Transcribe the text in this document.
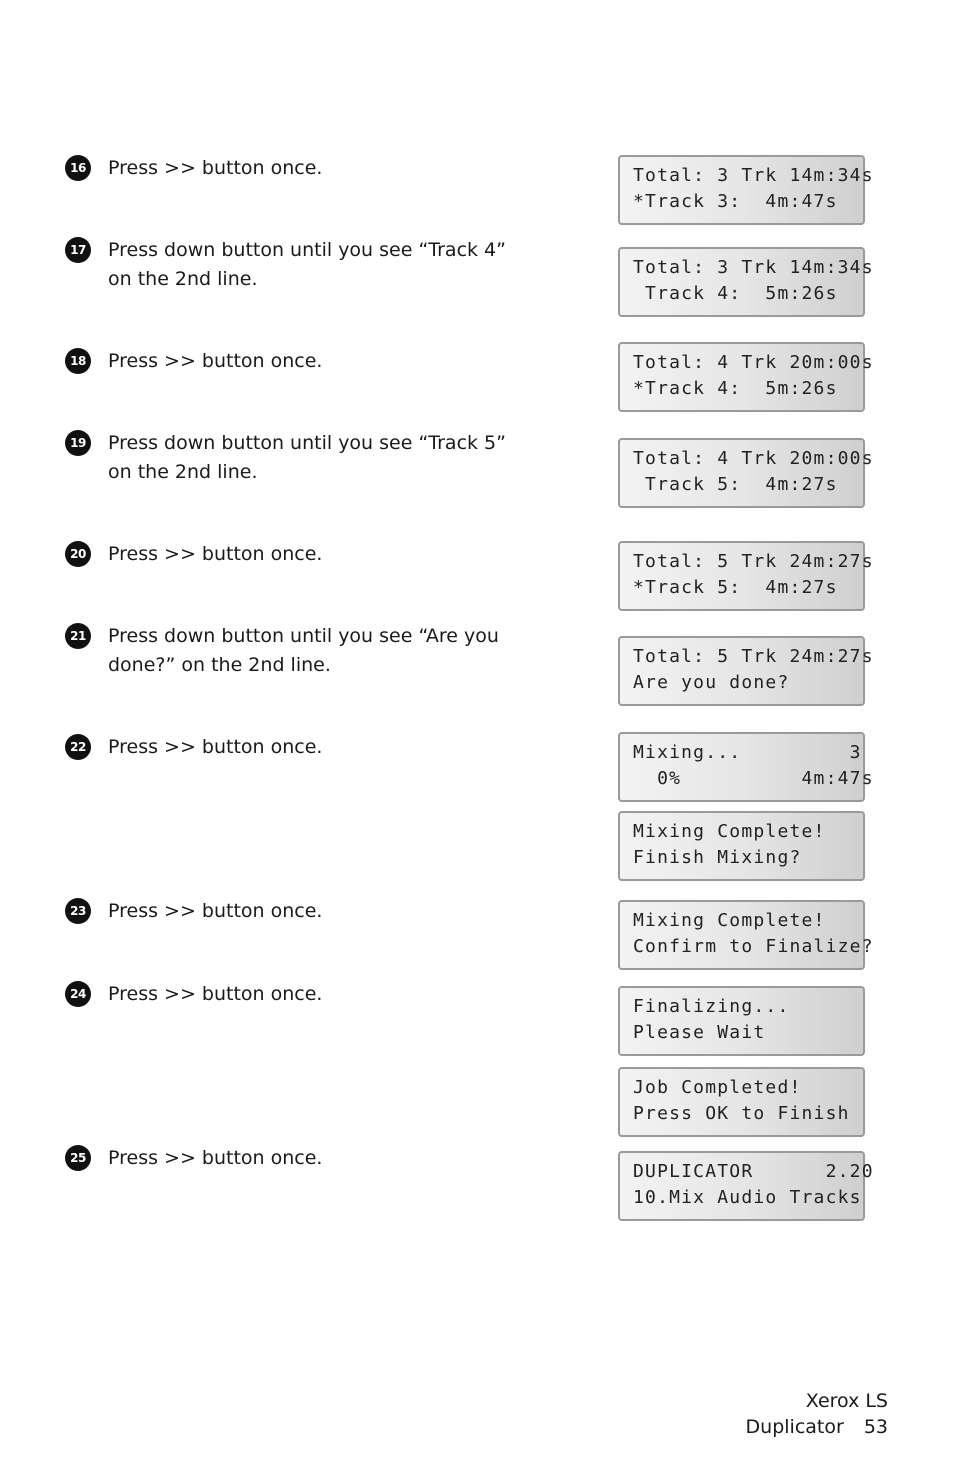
16 Press >> button once.
17 Press down button until you see “Track 4”
on the 2nd line.
18 Press >> button once.
19 Press down button until you see “Track 5”
on the 2nd line.
20 Press >> button once.
21 Press down button until you see “Are you
done?” on the 2nd line.
22 Press >> button once.
23 Press >> button once.
24 Press >> button once.
25 Press >> button once.
Total: 3 Trk 14m:34s
*Track 3:  4m:47s
Total: 3 Trk 14m:34s
Track 4:  5m:26s
Total: 4 Trk 20m:00s
*Track 4:  5m:26s
Total: 4 Trk 20m:00s
Track 5:  4m:27s
Total: 5 Trk 24m:27s
*Track 5:  4m:27s
Total: 5 Trk 24m:27s
Are you done?
Mixing...         3
0%          4m:47s
Mixing Complete!
Finish Mixing?
Mixing Complete!
Confirm to Finalize?
Finalizing...
Please Wait
Job Completed!
Press OK to Finish
DUPLICATOR      2.20
10.Mix Audio Tracks
Xerox LS Duplicator 53
